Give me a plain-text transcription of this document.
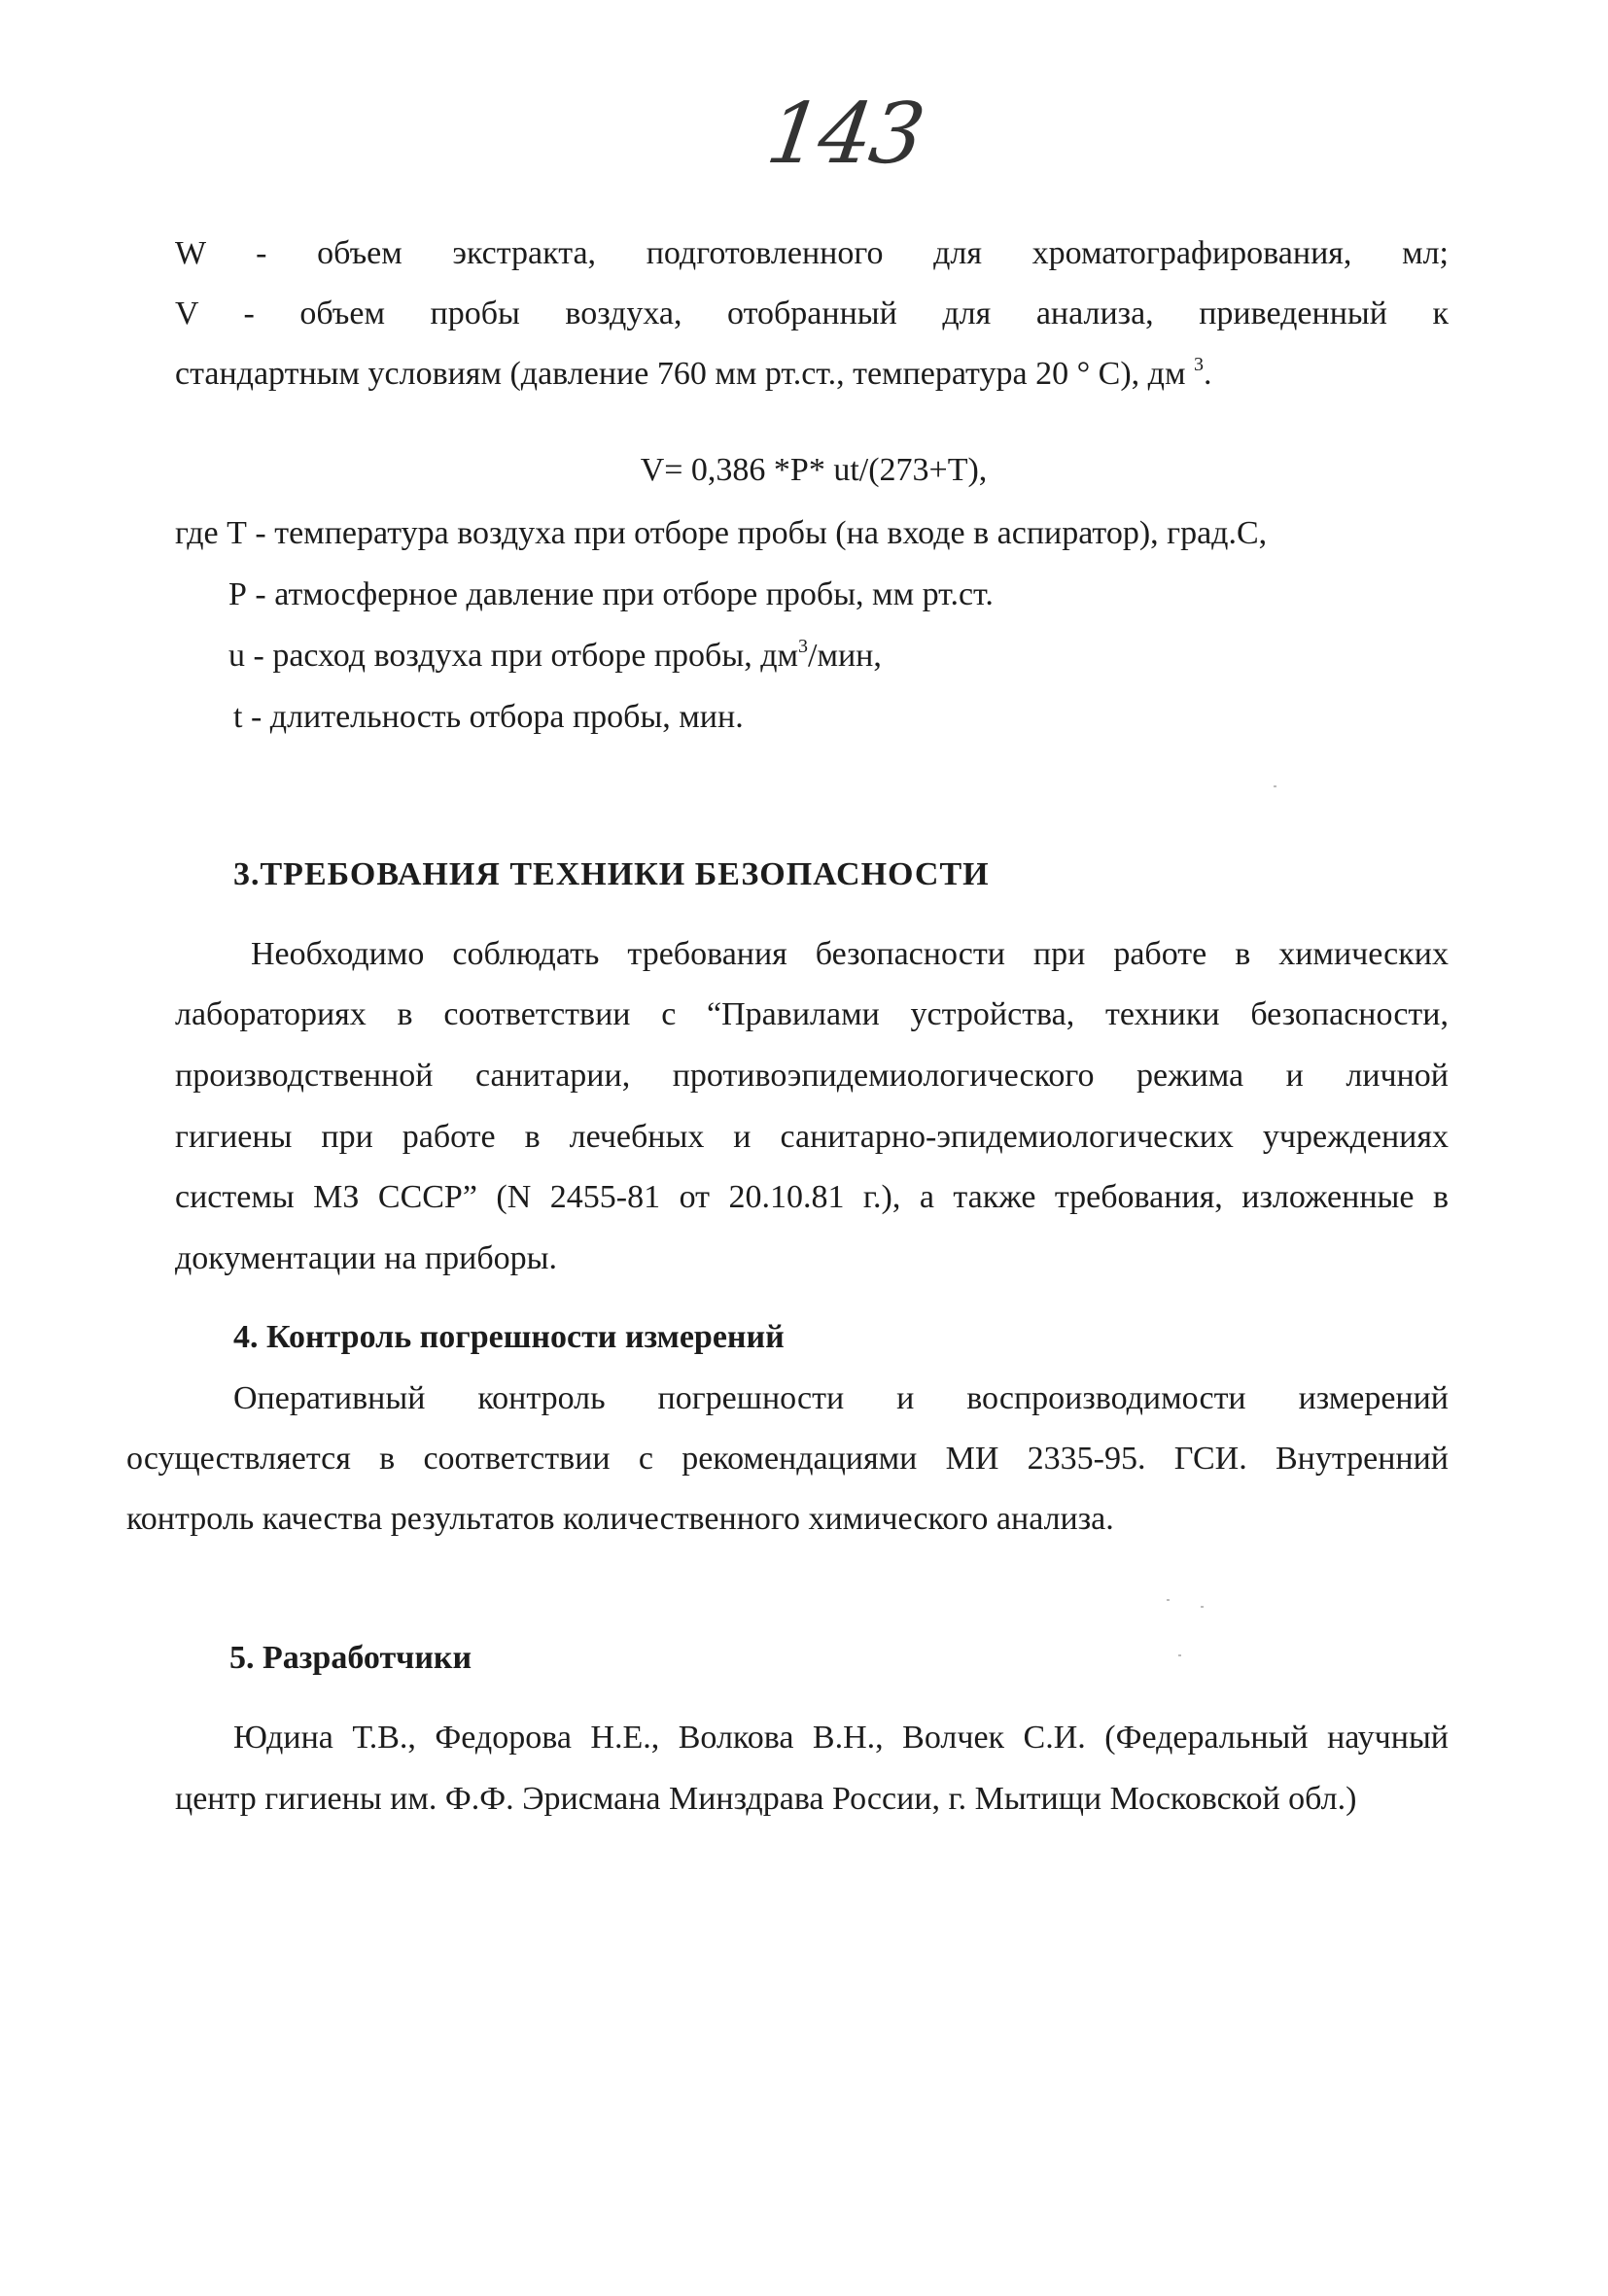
143
W - объем экстракта, подготовленного для хроматографирования, мл;
V - объем пробы воздуха, отобранный для анализа, приведенный к
стандартным условиям (давление 760 мм рт.ст., температура 20 ° С), дм $^3$.
V= 0,386 *P* ut/(273+T),
где Т - температура воздуха при отборе пробы (на входе в аспиратор), град.С,
Р - атмосферное давление при отборе пробы, мм рт.ст.
u - расход воздуха при отборе пробы, $дм^3$/мин,
t - длительность отбора пробы, мин.
3.ТРЕБОВАНИЯ ТЕХНИКИ БЕЗОПАСНОСТИ
Необходимо соблюдать требования безопасности при работе в химических
лабораториях в соответствии с “Правилами устройства, техники безопасности,
производственной санитарии, противоэпидемиологического режима и личной
гигиены при работе в лечебных и санитарно-эпидемиологических учреждениях
системы МЗ СССР” (N 2455-81 от 20.10.81 г.), а также требования, изложенные в
документации на приборы.
4. Контроль погрешности измерений
Оперативный контроль погрешности и воспроизводимости измерений
осуществляется в соответствии с рекомендациями МИ 2335-95. ГСИ. Внутренний
контроль качества результатов количественного химического анализа.
5. Разработчики
Юдина Т.В., Федорова Н.Е., Волкова В.Н., Волчек С.И. (Федеральный научный
центр гигиены им. Ф.Ф. Эрисмана Минздрава России, г. Мытищи Московской обл.)
